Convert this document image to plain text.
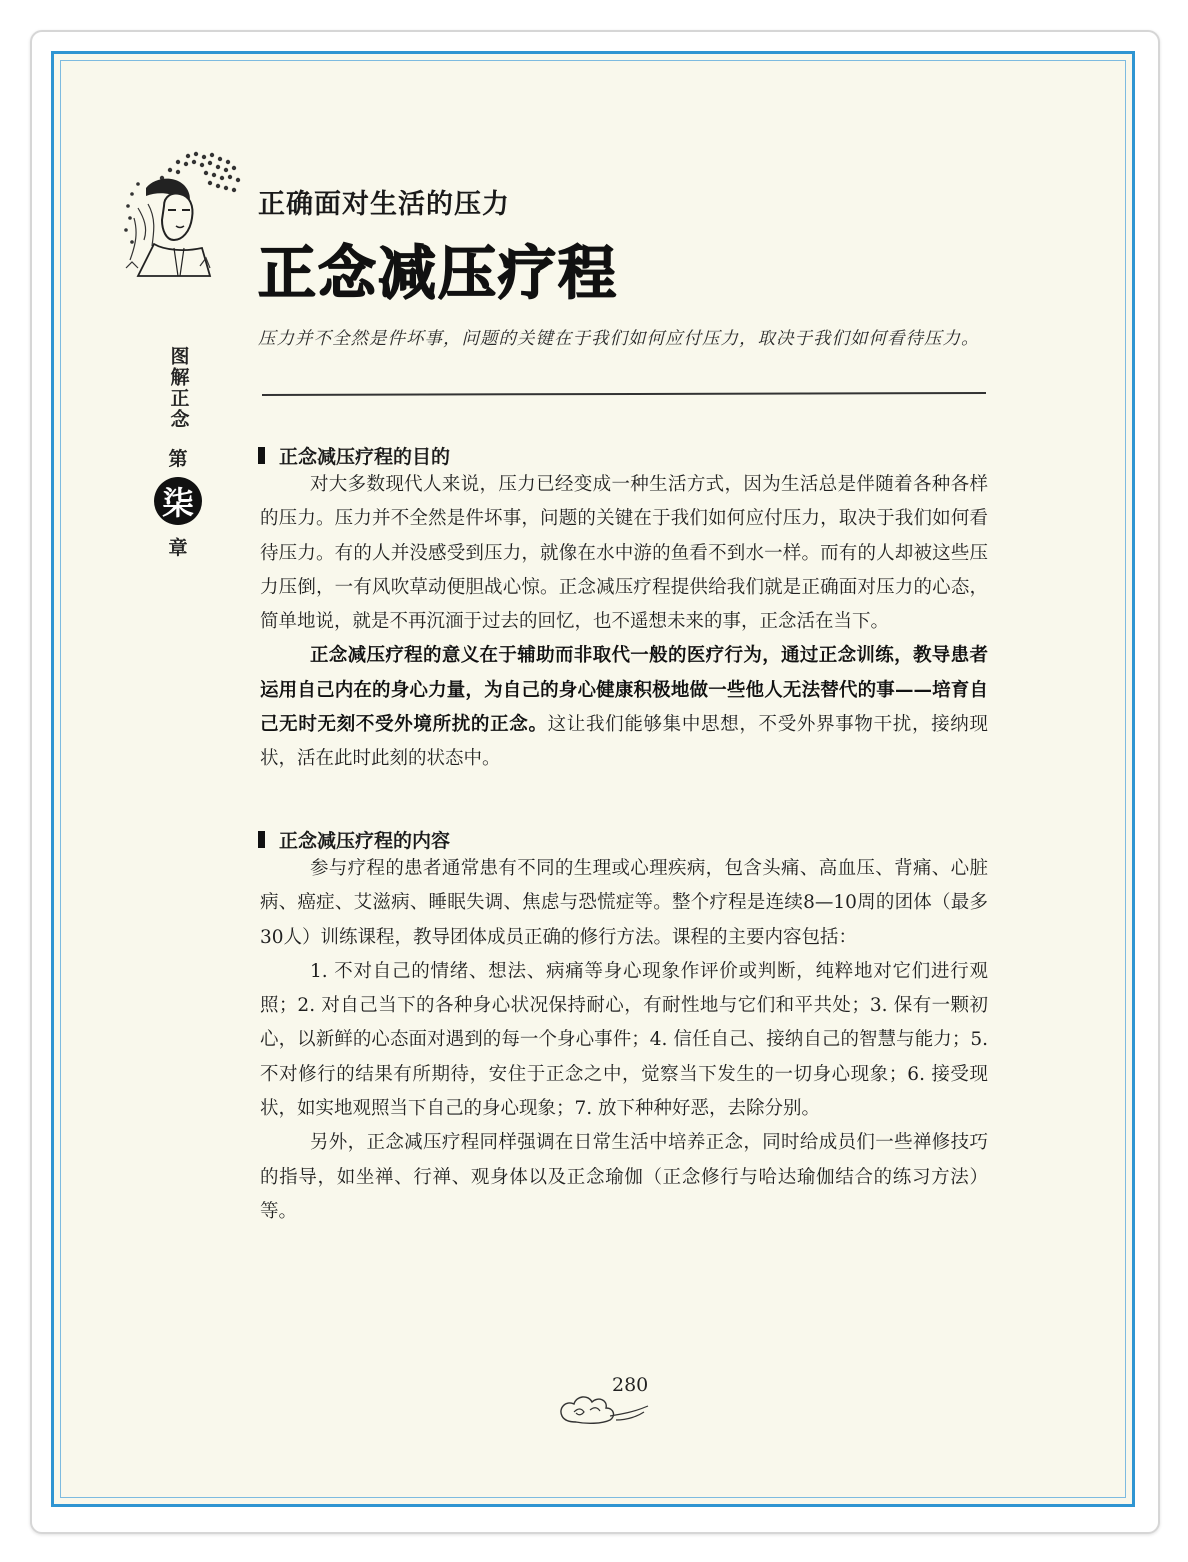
正确面对生活的压力
正念减压疗程
图解正念
第
柒
章

压力并不全然是件坏事，问题的关键在于我们如何应付压力，取决于我们如何看待压力。

正念减压疗程的目的

对大多数现代人来说，压力已经变成一种生活方式，因为生活总是伴随着各种各样的压力。压力并不全然是件坏事，问题的关键在于我们如何应付压力，取决于我们如何看待压力。有的人并没感受到压力，就像在水中游的鱼看不到水一样。而有的人却被这些压力压倒，一有风吹草动便胆战心惊。正念减压疗程提供给我们就是正确面对压力的心态，简单地说，就是不再沉湎于过去的回忆，也不遥想未来的事，正念活在当下。

正念减压疗程的意义在于辅助而非取代一般的医疗行为，通过正念训练，教导患者运用自己内在的身心力量，为自己的身心健康积极地做一些他人无法替代的事——培育自己无时无刻不受外境所扰的正念。这让我们能够集中思想，不受外界事物干扰，接纳现状，活在此时此刻的状态中。

正念减压疗程的内容

参与疗程的患者通常患有不同的生理或心理疾病，包含头痛、高血压、背痛、心脏病、癌症、艾滋病、睡眠失调、焦虑与恐慌症等。整个疗程是连续8—10周的团体（最多30人）训练课程，教导团体成员正确的修行方法。课程的主要内容包括：

1. 不对自己的情绪、想法、病痛等身心现象作评价或判断，纯粹地对它们进行观照；2. 对自己当下的各种身心状况保持耐心，有耐性地与它们和平共处；3. 保有一颗初心，以新鲜的心态面对遇到的每一个身心事件；4. 信任自己、接纳自己的智慧与能力；5. 不对修行的结果有所期待，安住于正念之中，觉察当下发生的一切身心现象；6. 接受现状，如实地观照当下自己的身心现象；7. 放下种种好恶，去除分别。

另外，正念减压疗程同样强调在日常生活中培养正念，同时给成员们一些禅修技巧的指导，如坐禅、行禅、观身体以及正念瑜伽（正念修行与哈达瑜伽结合的练习方法）等。

280
